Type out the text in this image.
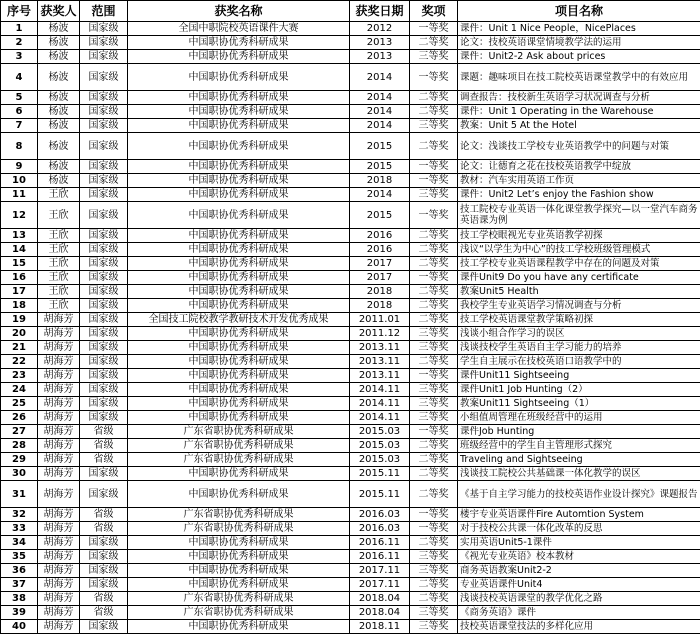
序号	获奖人	范围	获奖名称	获奖日期	奖项	项目名称
1	杨波	国家级	全国中职院校英语课件大赛	2012	一等奖	课件：Unit 1 Nice People，NicePlaces
2	杨波	国家级	中国职协优秀科研成果	2013	二等奖	论文：技校英语课堂情境教学法的运用
3	杨波	国家级	中国职协优秀科研成果	2013	三等奖	课件：Unit2-2 Ask about prices
4	杨波	国家级	中国职协优秀科研成果	2014	一等奖	课题：趣味项目在技工院校英语课堂教学中的有效应用
5	杨波	国家级	中国职协优秀科研成果	2014	二等奖	调查报告：技校新生英语学习状况调查与分析
6	杨波	国家级	中国职协优秀科研成果	2014	二等奖	课件：Unit 1 Operating in the Warehouse
7	杨波	国家级	中国职协优秀科研成果	2014	三等奖	教案：Unit 5 At the Hotel
8	杨波	国家级	中国职协优秀科研成果	2015	二等奖	论文：浅谈技工学校专业英语教学中的问题与对策
9	杨波	国家级	中国职协优秀科研成果	2015	一等奖	论文：让德育之花在技校英语教学中绽放
10	杨波	国家级	中国职协优秀科研成果	2018	一等奖	教材：汽车实用英语工作页
11	王欣	国家级	中国职协优秀科研成果	2014	三等奖	课件：Unit2 Let’s enjoy the Fashion show
12	王欣	国家级	中国职协优秀科研成果	2015	一等奖	技工院校专业英语一体化课堂教学探究—以一堂汽车商务英语课为例
13	王欣	国家级	中国职协优秀科研成果	2016	二等奖	技工学校眼视光专业英语教学初探
14	王欣	国家级	中国职协优秀科研成果	2016	二等奖	浅议“以学生为中心”的技工学校班级管理模式
15	王欣	国家级	中国职协优秀科研成果	2017	二等奖	技工学校专业英语课程教学中存在的问题及对策
16	王欣	国家级	中国职协优秀科研成果	2017	一等奖	课件Unit9 Do you have any certificate
17	王欣	国家级	中国职协优秀科研成果	2018	二等奖	教案Unit5 Health
18	王欣	国家级	中国职协优秀科研成果	2018	二等奖	我校学生专业英语学习情况调查与分析
19	胡海芳	国家级	全国技工院校教学教研技术开发优秀成果	2011.01	二等奖	技工学校英语课堂教学策略初探
20	胡海芳	国家级	中国职协优秀科研成果	2011.12	三等奖	浅谈小组合作学习的误区
21	胡海芳	国家级	中国职协优秀科研成果	2013.11	三等奖	浅谈技校学生英语自主学习能力的培养
22	胡海芳	国家级	中国职协优秀科研成果	2013.11	二等奖	学生自主展示在技校英语口语教学中的
23	胡海芳	国家级	中国职协优秀科研成果	2013.11	一等奖	课件Unit11 Sightseeing
24	胡海芳	国家级	中国职协优秀科研成果	2014.11	三等奖	课件Unit1 Job Hunting（2）
25	胡海芳	国家级	中国职协优秀科研成果	2014.11	三等奖	教案Unit11 Sightseeing（1）
26	胡海芳	国家级	中国职协优秀科研成果	2014.11	三等奖	小组值周管理在班级经营中的运用
27	胡海芳	省级	广东省职协优秀科研成果	2015.03	一等奖	课件Job Hunting
28	胡海芳	省级	广东省职协优秀科研成果	2015.03	二等奖	班级经营中的学生自主管理形式探究
29	胡海芳	省级	广东省职协优秀科研成果	2015.03	二等奖	Traveling and Sightseeing
30	胡海芳	国家级	中国职协优秀科研成果	2015.11	二等奖	浅谈技工院校公共基础课一体化教学的误区
31	胡海芳	国家级	中国职协优秀科研成果	2015.11	二等奖	《基于自主学习能力的技校英语作业设计探究》课题报告
32	胡海芳	省级	广东省职协优秀科研成果	2016.03	一等奖	楼宇专业英语课件Fire Automtion System
33	胡海芳	省级	广东省职协优秀科研成果	2016.03	一等奖	对于技校公共课一体化改革的反思
34	胡海芳	国家级	中国职协优秀科研成果	2016.11	二等奖	实用英语Unit5-1课件
35	胡海芳	国家级	中国职协优秀科研成果	2016.11	三等奖	《视光专业英语》校本教材
36	胡海芳	国家级	中国职协优秀科研成果	2017.11	三等奖	商务英语教案Unit2-2
37	胡海芳	国家级	中国职协优秀科研成果	2017.11	二等奖	专业英语课件Unit4
38	胡海芳	省级	广东省职协优秀科研成果	2018.04	二等奖	浅谈技校英语课堂的教学优化之路
39	胡海芳	省级	广东省职协优秀科研成果	2018.04	三等奖	《商务英语》课件
40	胡海芳	国家级	中国职协优秀科研成果	2018.11	三等奖	技校英语课堂技法的多样化应用
